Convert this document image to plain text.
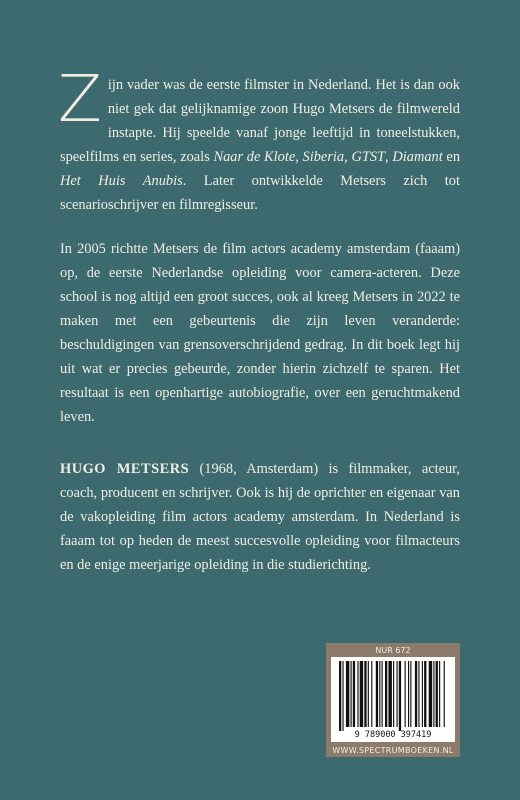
Zijn vader was de eerste filmster in Nederland. Het is dan ook niet gek dat gelijknamige zoon Hugo Metsers de filmwereld instapte. Hij speelde vanaf jonge leeftijd in toneelstukken, speelfilms en series, zoals Naar de Klote, Siberia, GTST, Diamant en Het Huis Anubis. Later ontwikkelde Metsers zich tot scenarioschrijver en filmregisseur.

In 2005 richtte Metsers de film actors academy amsterdam (faaam) op, de eerste Nederlandse opleiding voor camera-acteren. Deze school is nog altijd een groot succes, ook al kreeg Metsers in 2022 te maken met een gebeurtenis die zijn leven veranderde: beschuldigingen van grensoverschrijdend gedrag. In dit boek legt hij uit wat er precies gebeurde, zonder hierin zichzelf te sparen. Het resultaat is een openhartige autobiografie, over een geruchtmakend leven.

HUGO METSERS (1968, Amsterdam) is filmmaker, acteur, coach, producent en schrijver. Ook is hij de oprichter en eigenaar van de vakopleiding film actors academy amsterdam. In Nederland is faaam tot op heden de meest succesvolle opleiding voor filmacteurs en de enige meerjarige opleiding in die studierichting.

NUR 672
9 789000 397419
WWW.SPECTRUMBOEKEN.NL
